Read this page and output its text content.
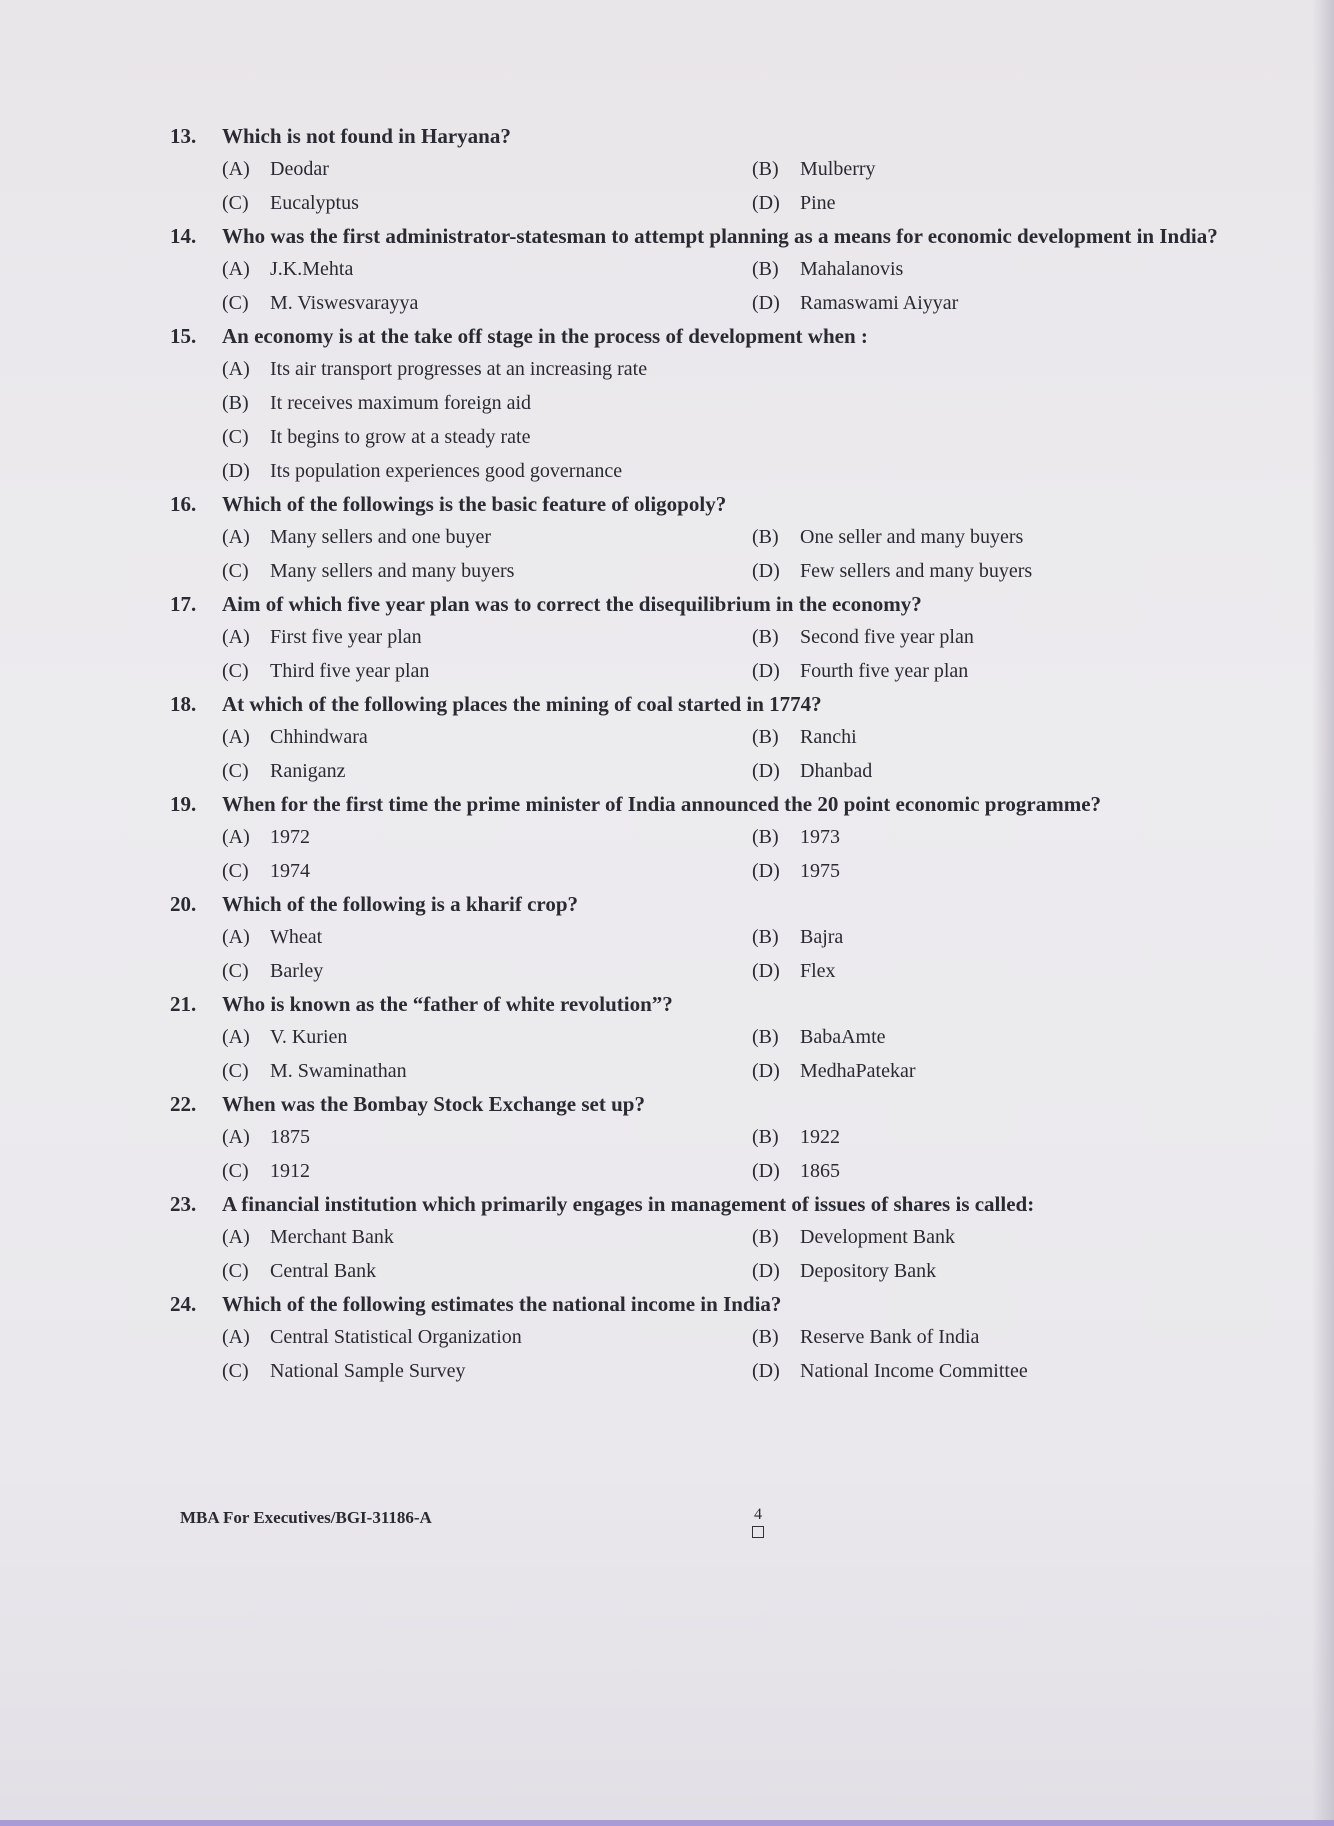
13.	Which is not found in Haryana?
(A)	Deodar	(B)	Mulberry
(C)	Eucalyptus	(D)	Pine
14.	Who was the first administrator-statesman to attempt planning as a means for economic development in India?
(A)	J.K.Mehta	(B)	Mahalanovis
(C)	M. Viswesvarayya	(D)	Ramaswami Aiyyar
15.	An economy is at the take off stage in the process of development when :
(A)	Its air transport progresses at an increasing rate
(B)	It receives maximum foreign aid
(C)	It begins to grow at a steady rate
(D)	Its population experiences good governance
16.	Which of the followings is the basic feature of oligopoly?
(A)	Many sellers and one buyer	(B)	One seller and many buyers
(C)	Many sellers and many buyers	(D)	Few sellers and many buyers
17.	Aim of which five year plan was to correct the disequilibrium in the economy?
(A)	First five year plan	(B)	Second five year plan
(C)	Third five year plan	(D)	Fourth five year plan
18.	At which of the following places the mining of coal started in 1774?
(A)	Chhindwara	(B)	Ranchi
(C)	Raniganz	(D)	Dhanbad
19.	When for the first time the prime minister of India announced the 20 point economic programme?
(A)	1972	(B)	1973
(C)	1974	(D)	1975
20.	Which of the following is a kharif crop?
(A)	Wheat	(B)	Bajra
(C)	Barley	(D)	Flex
21.	Who is known as the “father of white revolution”?
(A)	V. Kurien	(B)	BabaAmte
(C)	M. Swaminathan	(D)	MedhaPatekar
22.	When was the Bombay Stock Exchange set up?
(A)	1875	(B)	1922
(C)	1912	(D)	1865
23.	A financial institution which primarily engages in management of issues of shares is called:
(A)	Merchant Bank	(B)	Development Bank
(C)	Central Bank	(D)	Depository Bank
24.	Which of the following estimates the national income in India?
(A)	Central Statistical Organization	(B)	Reserve Bank of India
(C)	National Sample Survey	(D)	National Income Committee
MBA For Executives/BGI-31186-A	4
